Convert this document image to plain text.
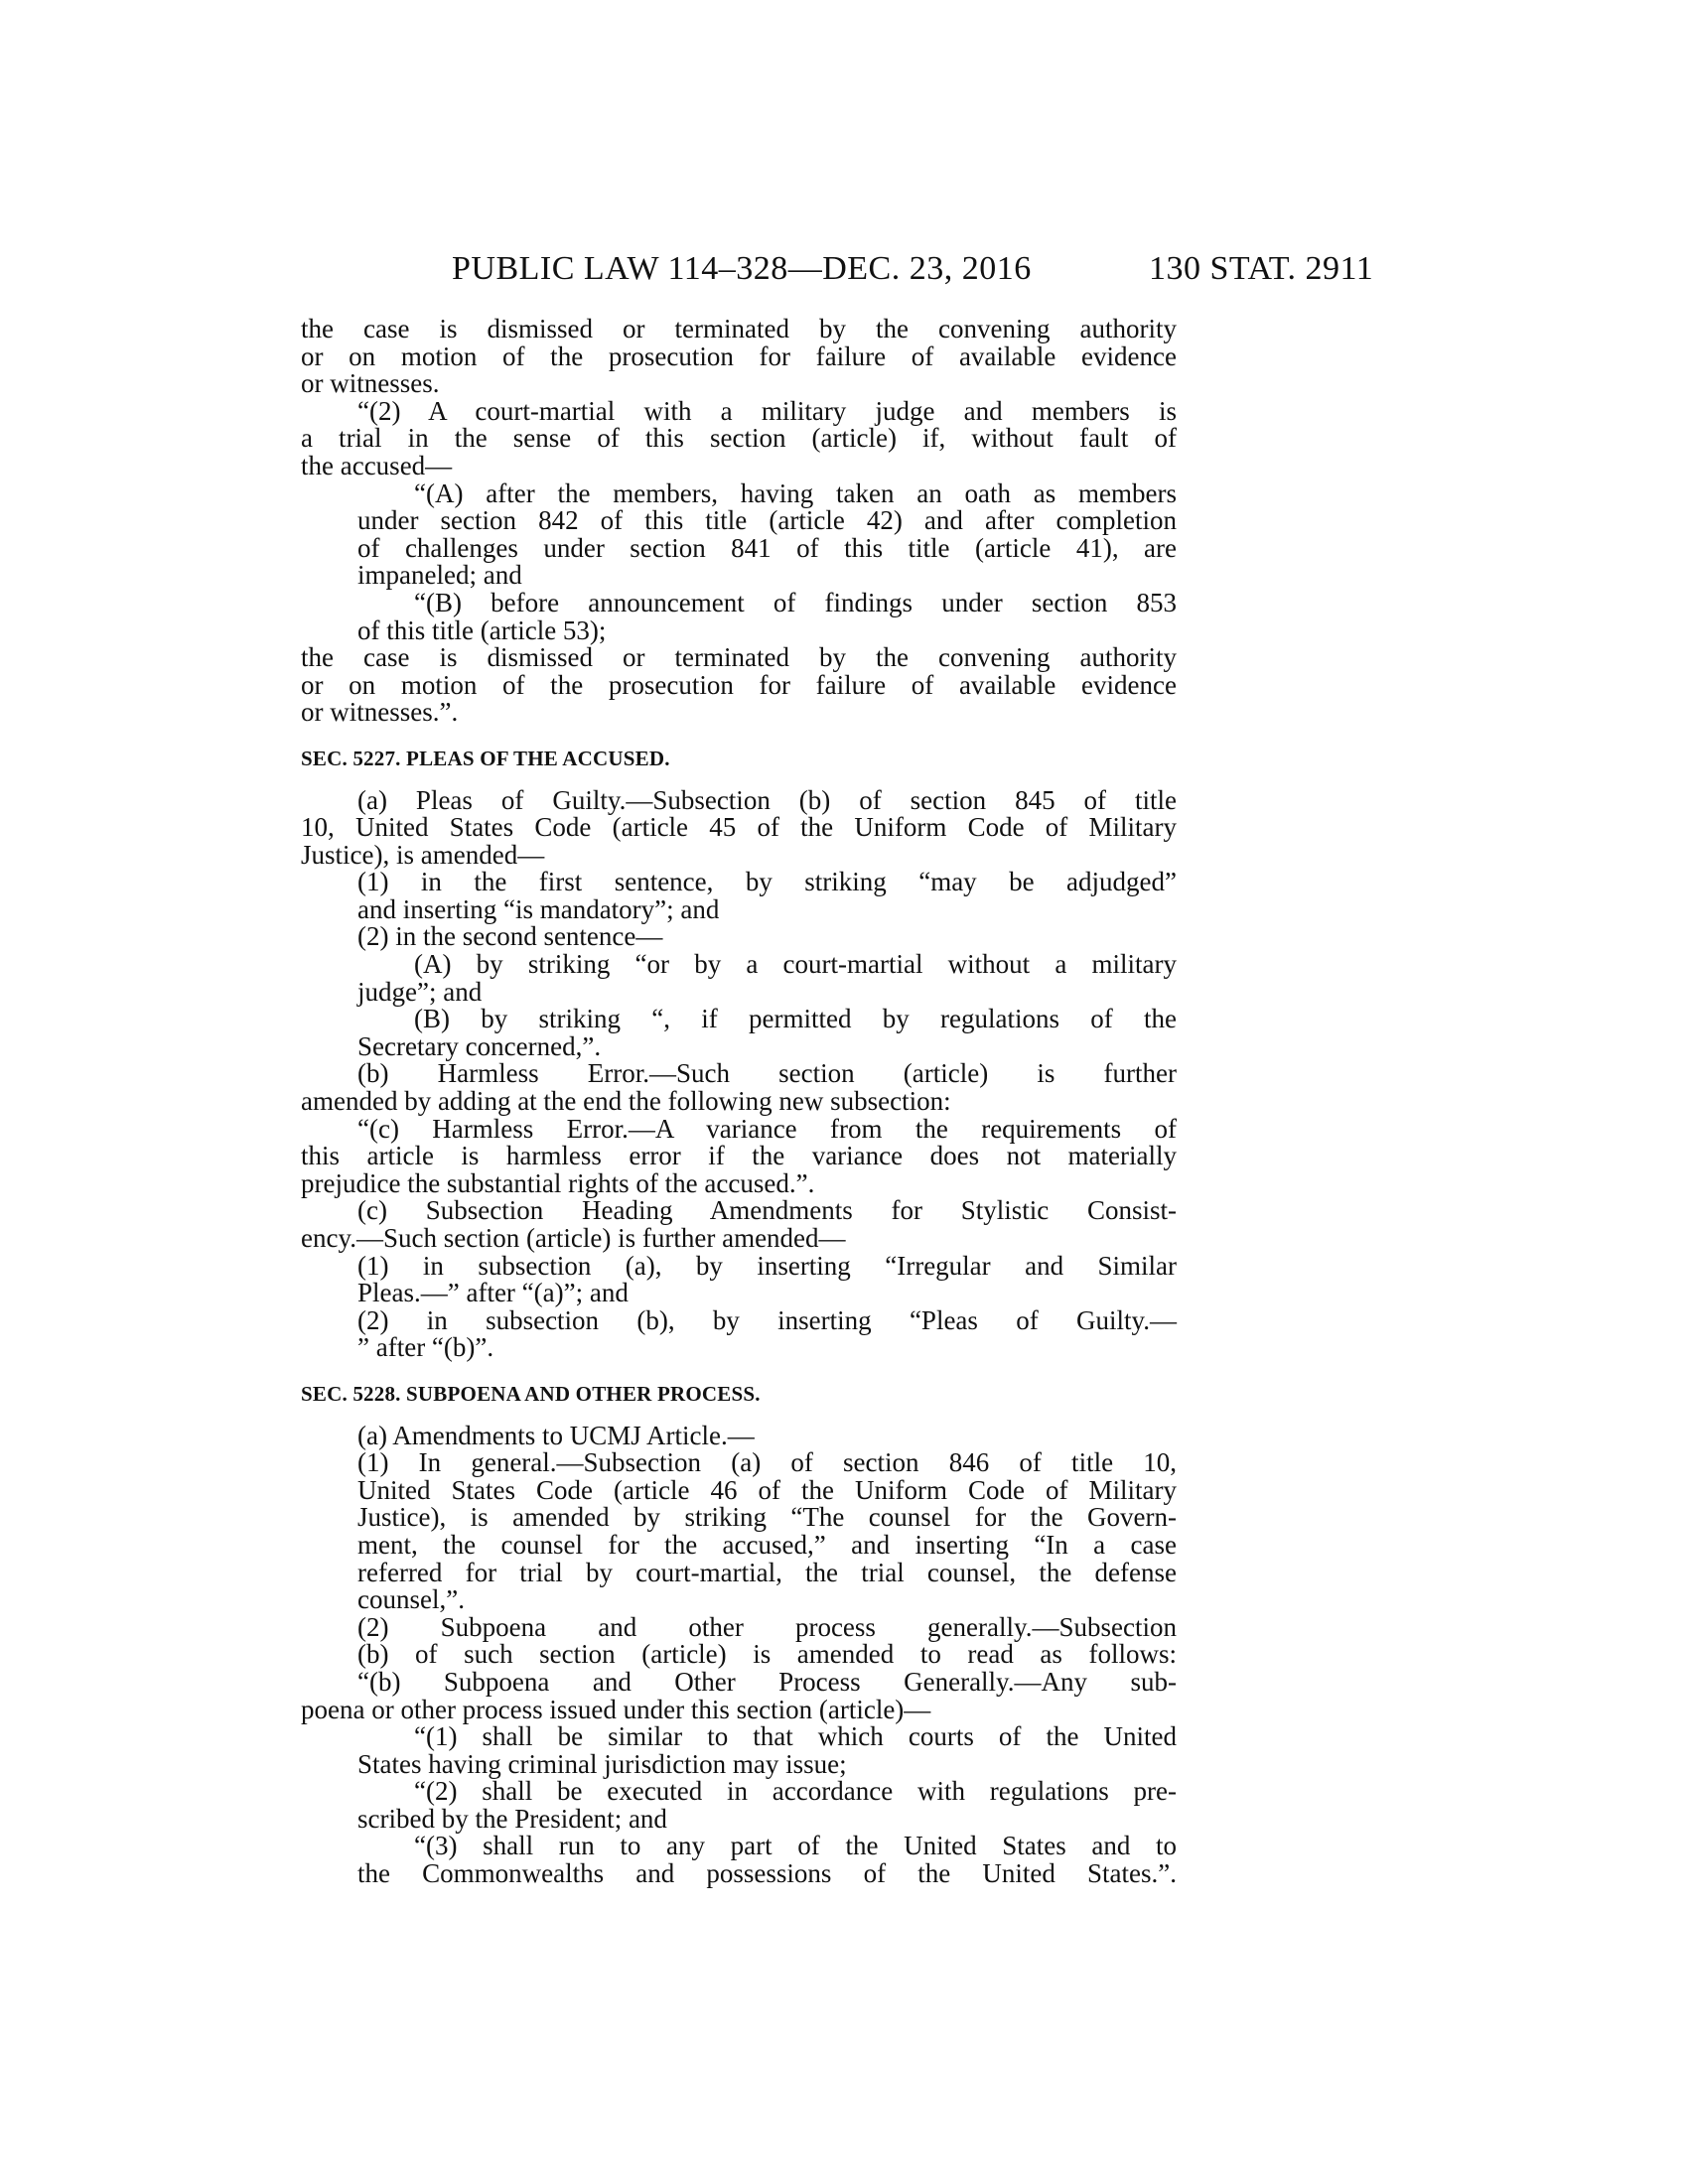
PUBLIC LAW 114–328—DEC. 23, 2016	130 STAT. 2911
the case is dismissed or terminated by the convening authority
or on motion of the prosecution for failure of available evidence
or witnesses.
“(2) A court-martial with a military judge and members is
a trial in the sense of this section (article) if, without fault of
the accused—
“(A) after the members, having taken an oath as members
under section 842 of this title (article 42) and after completion
of challenges under section 841 of this title (article 41), are
impaneled; and
“(B) before announcement of findings under section 853
of this title (article 53);
the case is dismissed or terminated by the convening authority
or on motion of the prosecution for failure of available evidence
or witnesses.”.
SEC. 5227. PLEAS OF THE ACCUSED.
(a) Pleas of Guilty.—Subsection (b) of section 845 of title
10, United States Code (article 45 of the Uniform Code of Military
Justice), is amended—
(1) in the first sentence, by striking “may be adjudged”
and inserting “is mandatory”; and
(2) in the second sentence—
(A) by striking “or by a court-martial without a military
judge”; and
(B) by striking “, if permitted by regulations of the
Secretary concerned,”.
(b) Harmless Error.—Such section (article) is further
amended by adding at the end the following new subsection:
“(c) Harmless Error.—A variance from the requirements of
this article is harmless error if the variance does not materially
prejudice the substantial rights of the accused.”.
(c) Subsection Heading Amendments for Stylistic Consist-
ency.—Such section (article) is further amended—
(1) in subsection (a), by inserting “Irregular and Similar
Pleas.—” after “(a)”; and
(2) in subsection (b), by inserting “Pleas of Guilty.—
” after “(b)”.
SEC. 5228. SUBPOENA AND OTHER PROCESS.
(a) Amendments to UCMJ Article.—
(1) In general.—Subsection (a) of section 846 of title 10,
United States Code (article 46 of the Uniform Code of Military
Justice), is amended by striking “The counsel for the Govern-
ment, the counsel for the accused,” and inserting “In a case
referred for trial by court-martial, the trial counsel, the defense
counsel,”.
(2) Subpoena and other process generally.—Subsection
(b) of such section (article) is amended to read as follows:
“(b) Subpoena and Other Process Generally.—Any sub-
poena or other process issued under this section (article)—
“(1) shall be similar to that which courts of the United
States having criminal jurisdiction may issue;
“(2) shall be executed in accordance with regulations pre-
scribed by the President; and
“(3) shall run to any part of the United States and to
the Commonwealths and possessions of the United States.”.
